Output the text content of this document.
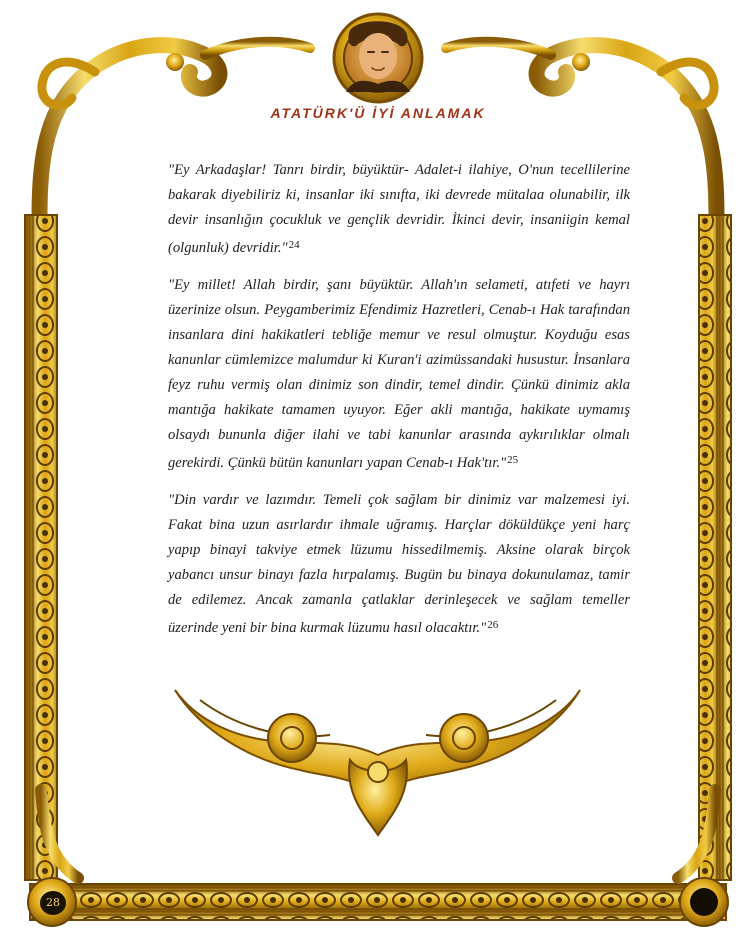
ATATÜRK'Ü İYİ ANLAMAK

"Ey Arkadaşlar! Tanrı birdir, büyüktür- Adalet-i ilahiye, O'nun tecellilerine bakarak diyebiliriz ki, insanlar iki sınıfta, iki devrede mütalaa olunabilir, ilk devir insanlığın çocukluk ve gençlik devridir. İkinci devir, insaniigin kemal (olgunluk) devridir."$^{24}$

"Ey millet! Allah birdir, şanı büyüktür. Allah'ın selameti, atıfeti ve hayrı üzerinize olsun. Peygamberimiz Efendimiz Hazretleri, Cenab-ı Hak tarafından insanlara dini hakikatleri tebliğe memur ve resul olmuştur. Koyduğu esas kanunlar cümlemizce malumdur ki Kuran'i azimüssandaki husustur. İnsanlara feyz ruhu vermiş olan dinimiz son dindir, temel dindir. Çünkü dinimiz akla mantığa hakikate tamamen uyuyor. Eğer akli mantığa, hakikate uymamış olsaydı bununla diğer ilahi ve tabi kanunlar arasında aykırılıklar olmalı gerekirdi. Çünkü bütün kanunları yapan Cenab-ı Hak'tır."$^{25}$

"Din vardır ve lazımdır. Temeli çok sağlam bir dinimiz var malzemesi iyi. Fakat bina uzun asırlardır ihmale uğramış. Harçlar döküldükçe yeni harç yapıp binayi takviye etmek lüzumu hissedilmemiş. Aksine olarak birçok yabancı unsur binayı fazla hırpalamış. Bugün bu binaya dokunulamaz, tamir de edilemez. Ancak zamanla çatlaklar derinleşecek ve sağlam temeller üzerinde yeni bir bina kurmak lüzumu hasıl olacaktır."$^{26}$

28
